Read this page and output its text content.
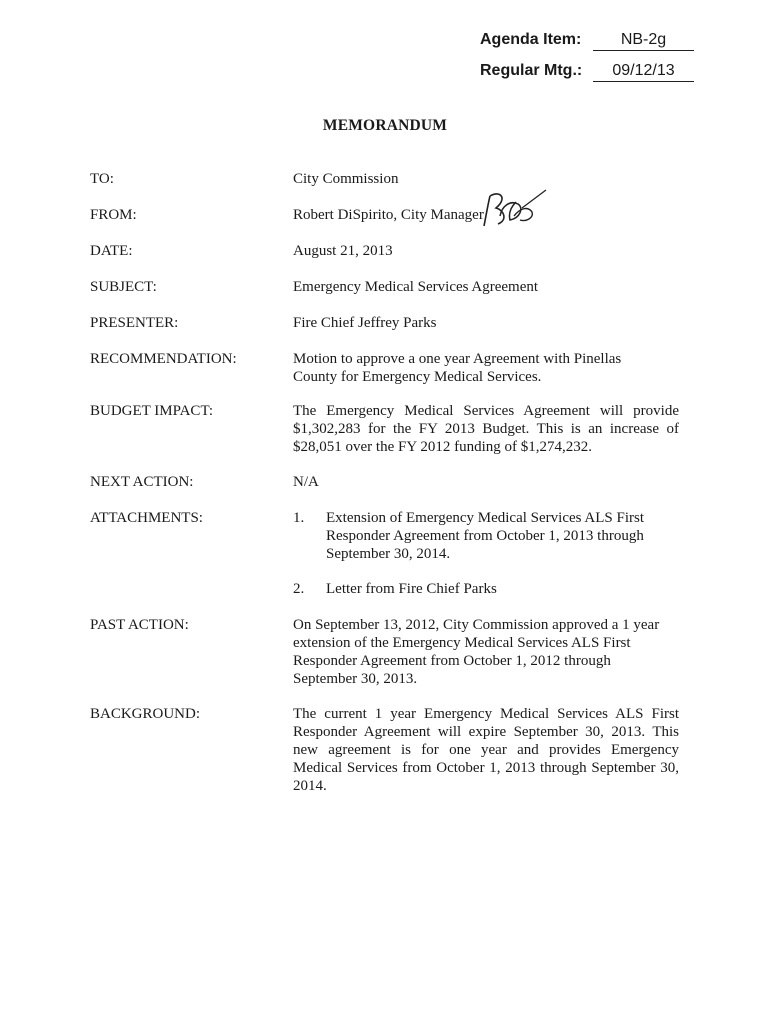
Agenda Item:	NB-2g
Regular Mtg.:	09/12/13
MEMORANDUM
TO:	City Commission
FROM:	Robert DiSpirito, City Manager
DATE:	August 21, 2013
SUBJECT:	Emergency Medical Services Agreement
PRESENTER:	Fire Chief Jeffrey Parks
RECOMMENDATION:	Motion to approve a one year Agreement with Pinellas County for Emergency Medical Services.
BUDGET IMPACT:	The Emergency Medical Services Agreement will provide $1,302,283 for the FY 2013 Budget. This is an increase of $28,051 over the FY 2012 funding of $1,274,232.
NEXT ACTION:	N/A
ATTACHMENTS:	1. Extension of Emergency Medical Services ALS First Responder Agreement from October 1, 2013 through September 30, 2014.
2. Letter from Fire Chief Parks
PAST ACTION:	On September 13, 2012, City Commission approved a 1 year extension of the Emergency Medical Services ALS First Responder Agreement from October 1, 2012 through September 30, 2013.
BACKGROUND:	The current 1 year Emergency Medical Services ALS First Responder Agreement will expire September 30, 2013. This new agreement is for one year and provides Emergency Medical Services from October 1, 2013 through September 30, 2014.
